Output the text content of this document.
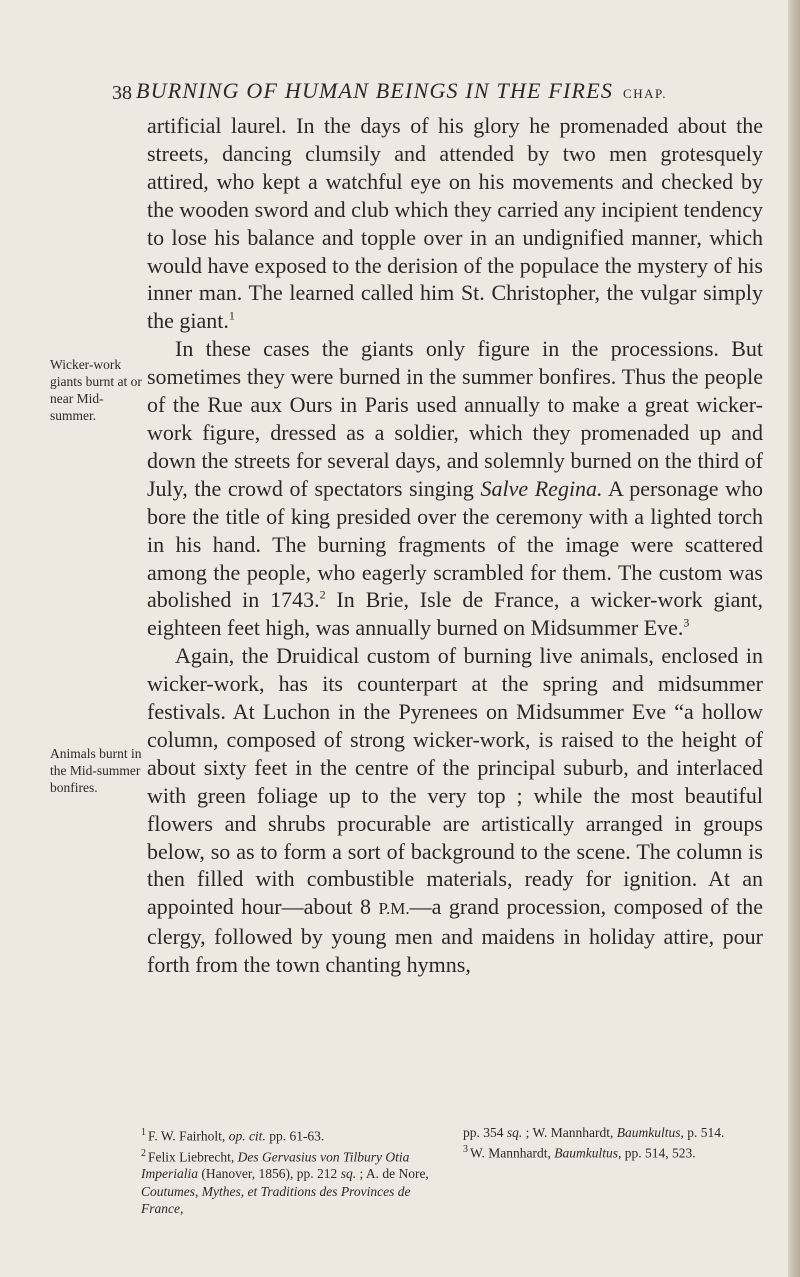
38 BURNING OF HUMAN BEINGS IN THE FIRES CHAP.

artificial laurel. In the days of his glory he promenaded about the streets, dancing clumsily and attended by two men grotesquely attired, who kept a watchful eye on his movements and checked by the wooden sword and club which they carried any incipient tendency to lose his balance and topple over in an undignified manner, which would have exposed to the derision of the populace the mystery of his inner man. The learned called him St. Christopher, the vulgar simply the giant.$^1$

In these cases the giants only figure in the processions. But sometimes they were burned in the summer bonfires. Thus the people of the Rue aux Ours in Paris used annually to make a great wicker-work figure, dressed as a soldier, which they promenaded up and down the streets for several days, and solemnly burned on the third of July, the crowd of spectators singing Salve Regina. A personage who bore the title of king presided over the ceremony with a lighted torch in his hand. The burning fragments of the image were scattered among the people, who eagerly scrambled for them. The custom was abolished in 1743.$^2$ In Brie, Isle de France, a wicker-work giant, eighteen feet high, was annually burned on Midsummer Eve.$^3$

Again, the Druidical custom of burning live animals, enclosed in wicker-work, has its counterpart at the spring and midsummer festivals. At Luchon in the Pyrenees on Midsummer Eve “a hollow column, composed of strong wicker-work, is raised to the height of about sixty feet in the centre of the principal suburb, and interlaced with green foliage up to the very top ; while the most beautiful flowers and shrubs procurable are artistically arranged in groups below, so as to form a sort of background to the scene. The column is then filled with combustible materials, ready for ignition. At an appointed hour—about 8 P.M.—a grand procession, composed of the clergy, followed by young men and maidens in holiday attire, pour forth from the town chanting hymns,

Wicker-work giants burnt at or near Mid-summer.
Animals burnt in the Mid-summer bonfires.

$^1$ F. W. Fairholt, op. cit. pp. 61-63.

$^2$ Felix Liebrecht, Des Gervasius von Tilbury Otia Imperialia (Hanover, 1856), pp. 212 sq. ; A. de Nore, Coutumes, Mythes, et Traditions des Provinces de France,

pp. 354 sq. ; W. Mannhardt, Baumkultus, p. 514.

$^3$ W. Mannhardt, Baumkultus, pp. 514, 523.
